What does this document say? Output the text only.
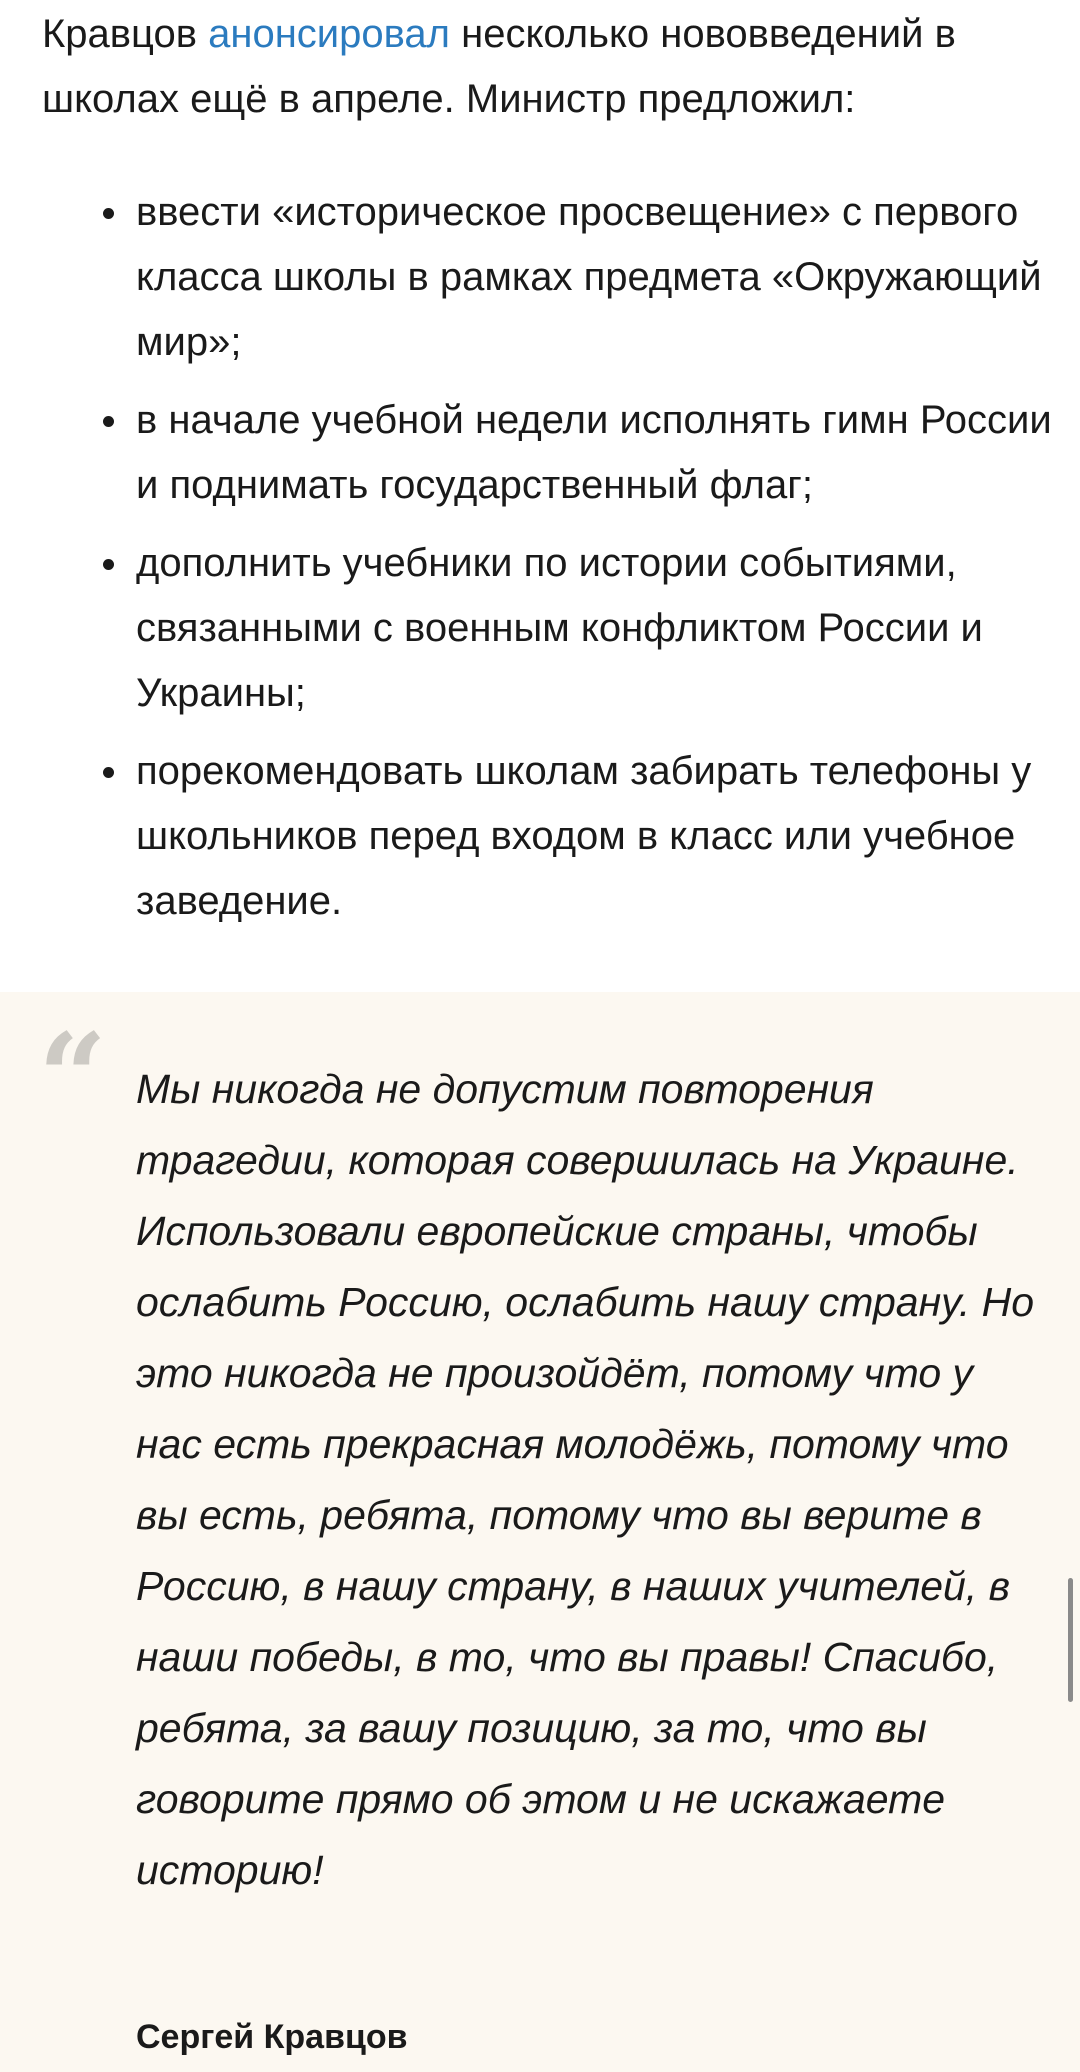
Кравцов анонсировал несколько нововведений в школах ещё в апреле. Министр предложил:

ввести «историческое просвещение» с первого класса школы в рамках предмета «Окружающий мир»;
в начале учебной недели исполнять гимн России и поднимать государственный флаг;
дополнить учебники по истории событиями, связанными с военным конфликтом России и Украины;
порекомендовать школам забирать телефоны у школьников перед входом в класс или учебное заведение.
“ Мы никогда не допустим повторения трагедии, которая совершилась на Украине. Использовали европейские страны, чтобы ослабить Россию, ослабить нашу страну. Но это никогда не произойдёт, потому что у нас есть прекрасная молодёжь, потому что вы есть, ребята, потому что вы верите в Россию, в нашу страну, в наших учителей, в наши победы, в то, что вы правы! Спасибо, ребята, за вашу позицию, за то, что вы говорите прямо об этом и не искажаете историю!

Сергей Кравцов
